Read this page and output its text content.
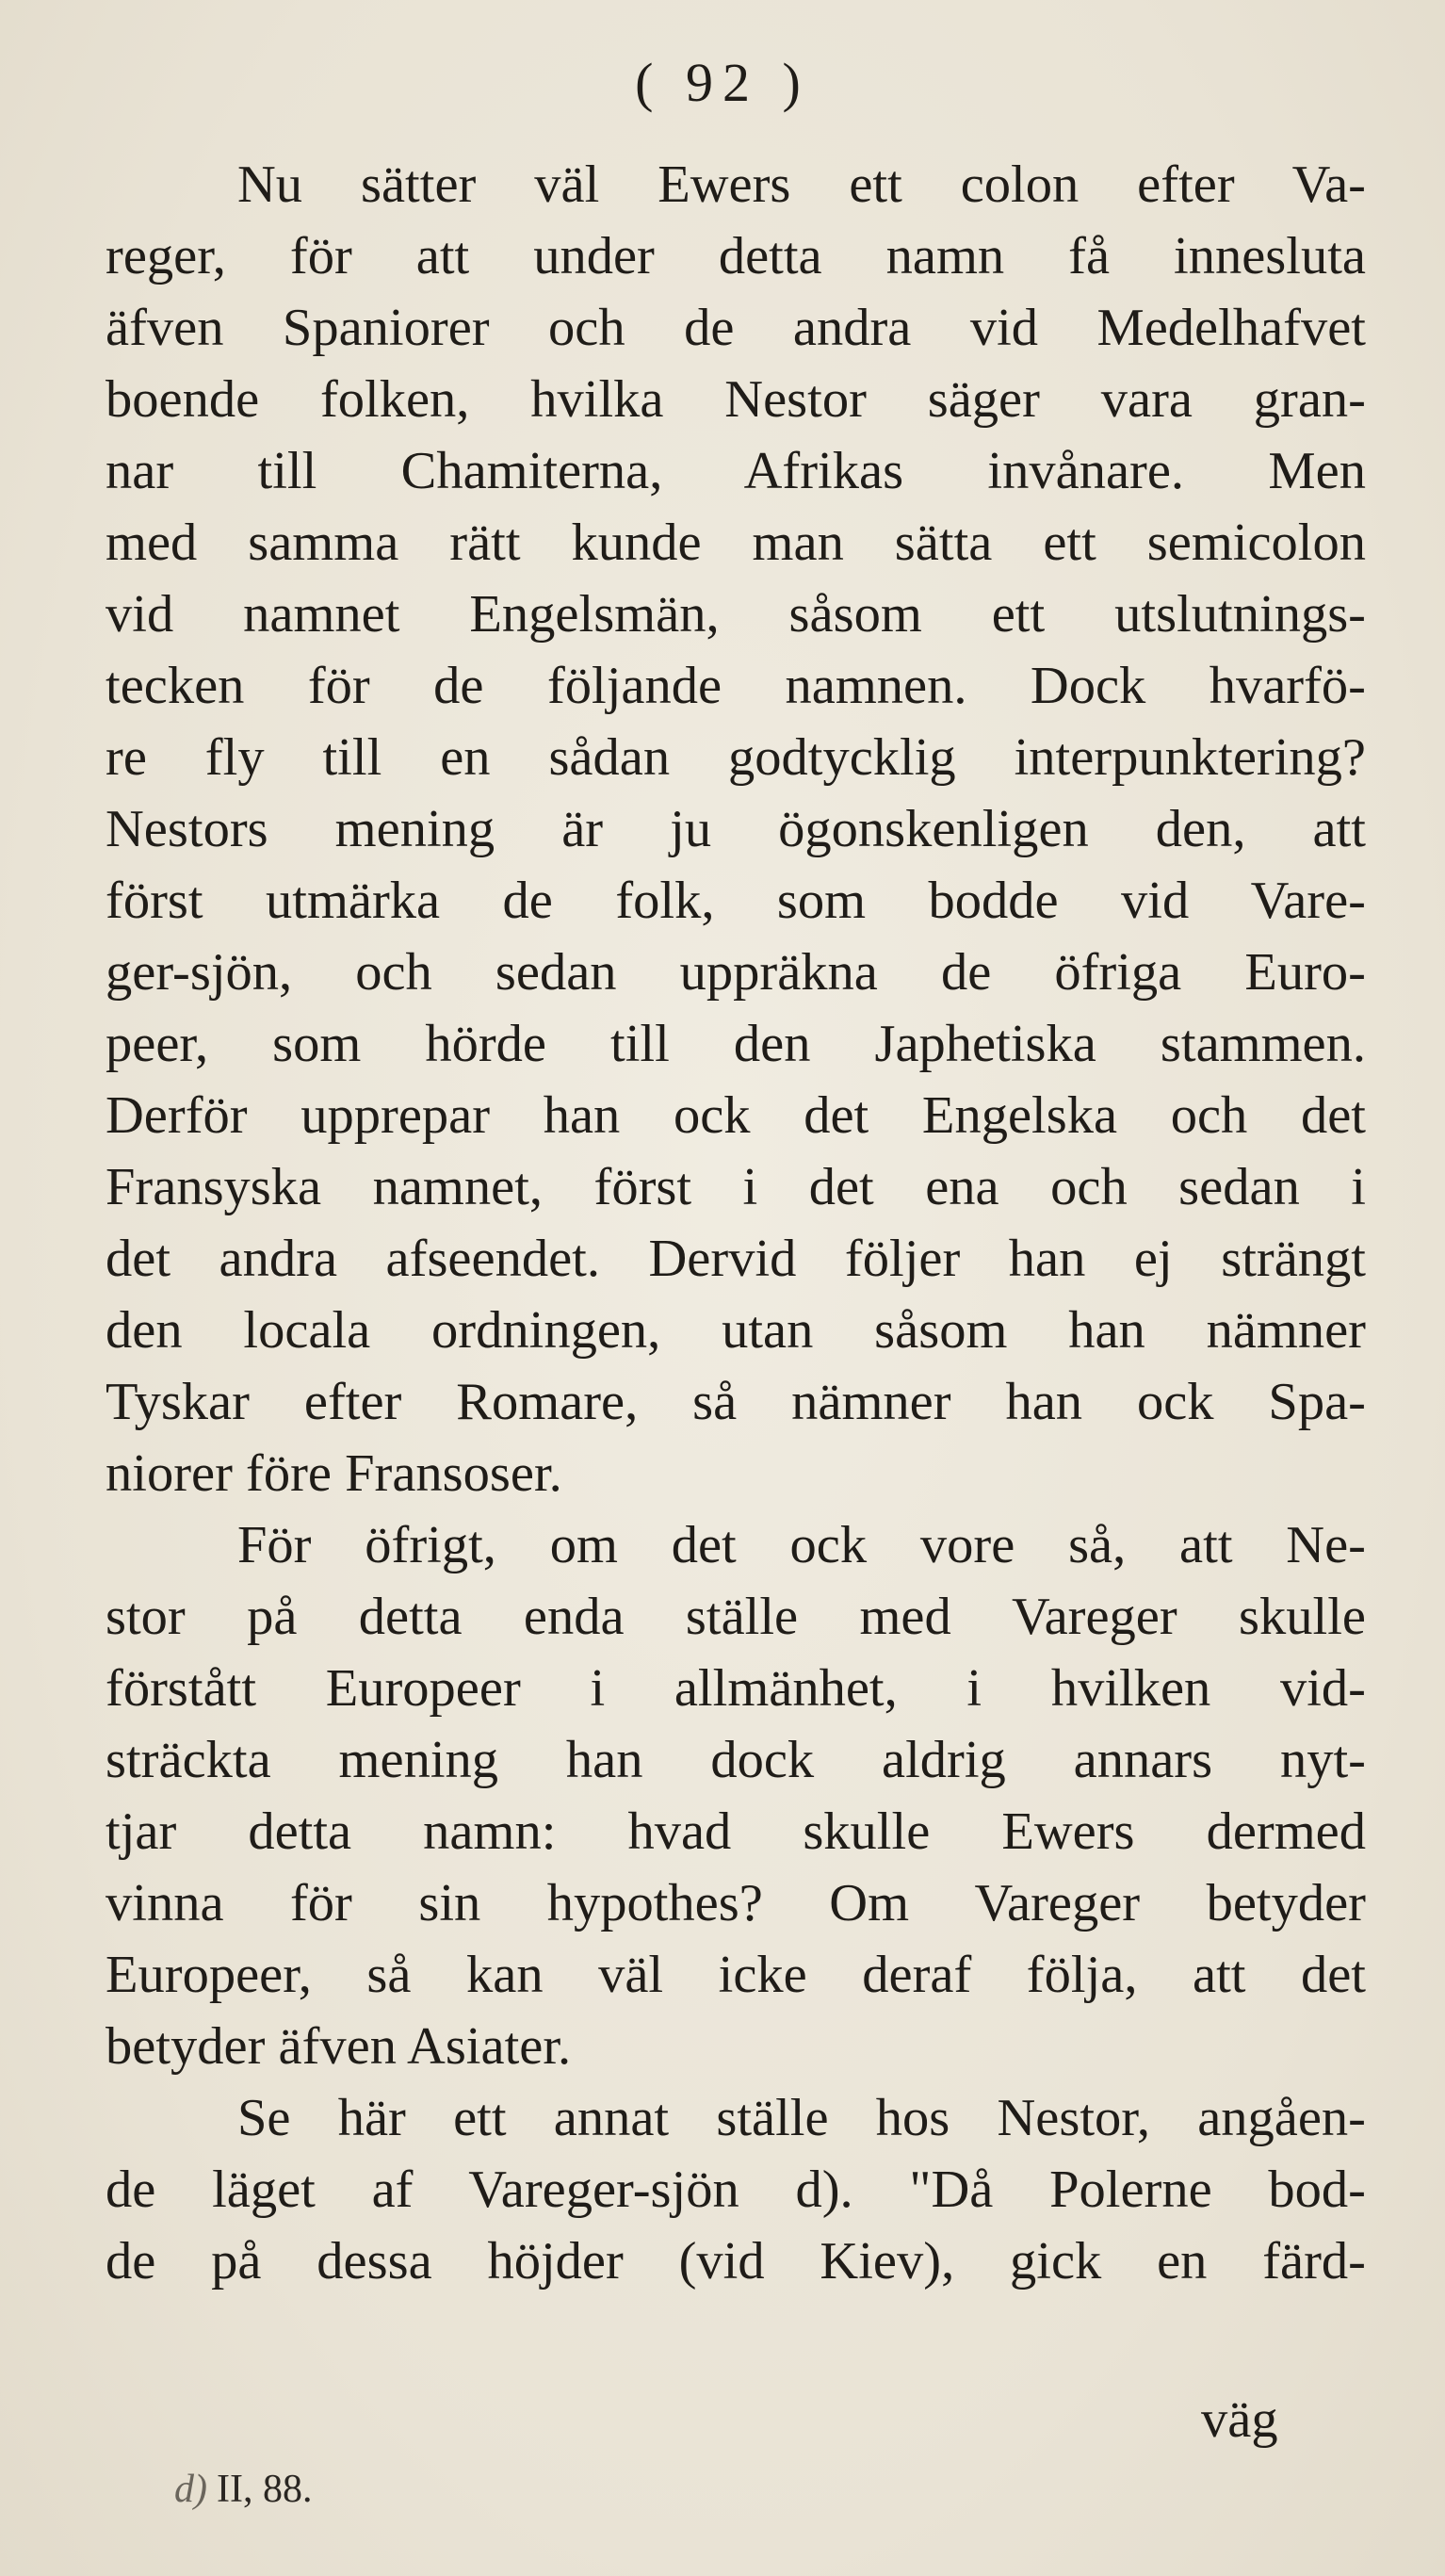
( 92 )
Nu sätter väl Ewers ett colon efter Va-
reger, för att under detta namn få innesluta
äfven Spaniorer och de andra vid Medelhafvet
boende folken, hvilka Nestor säger vara gran-
nar till Chamiterna, Afrikas invånare. Men
med samma rätt kunde man sätta ett semicolon
vid namnet Engelsmän, såsom ett utslutnings-
tecken för de följande namnen. Dock hvarfö-
re fly till en sådan godtycklig interpunktering?
Nestors mening är ju ögonskenligen den, att
först utmärka de folk, som bodde vid Vare-
ger-sjön, och sedan uppräkna de öfriga Euro-
peer, som hörde till den Japhetiska stammen.
Derför upprepar han ock det Engelska och det
Fransyska namnet, först i det ena och sedan i
det andra afseendet. Dervid följer han ej strängt
den locala ordningen, utan såsom han nämner
Tyskar efter Romare, så nämner han ock Spa-
niorer före Fransoser.
För öfrigt, om det ock vore så, att Ne-
stor på detta enda ställe med Vareger skulle
förstått Europeer i allmänhet, i hvilken vid-
sträckta mening han dock aldrig annars nyt-
tjar detta namn: hvad skulle Ewers dermed
vinna för sin hypothes? Om Vareger betyder
Europeer, så kan väl icke deraf följa, att det
betyder äfven Asiater.
Se här ett annat ställe hos Nestor, angåen-
de läget af Vareger-sjön d). "Då Polerne bod-
de på dessa höjder (vid Kiev), gick en färd-
väg
d) II, 88.
